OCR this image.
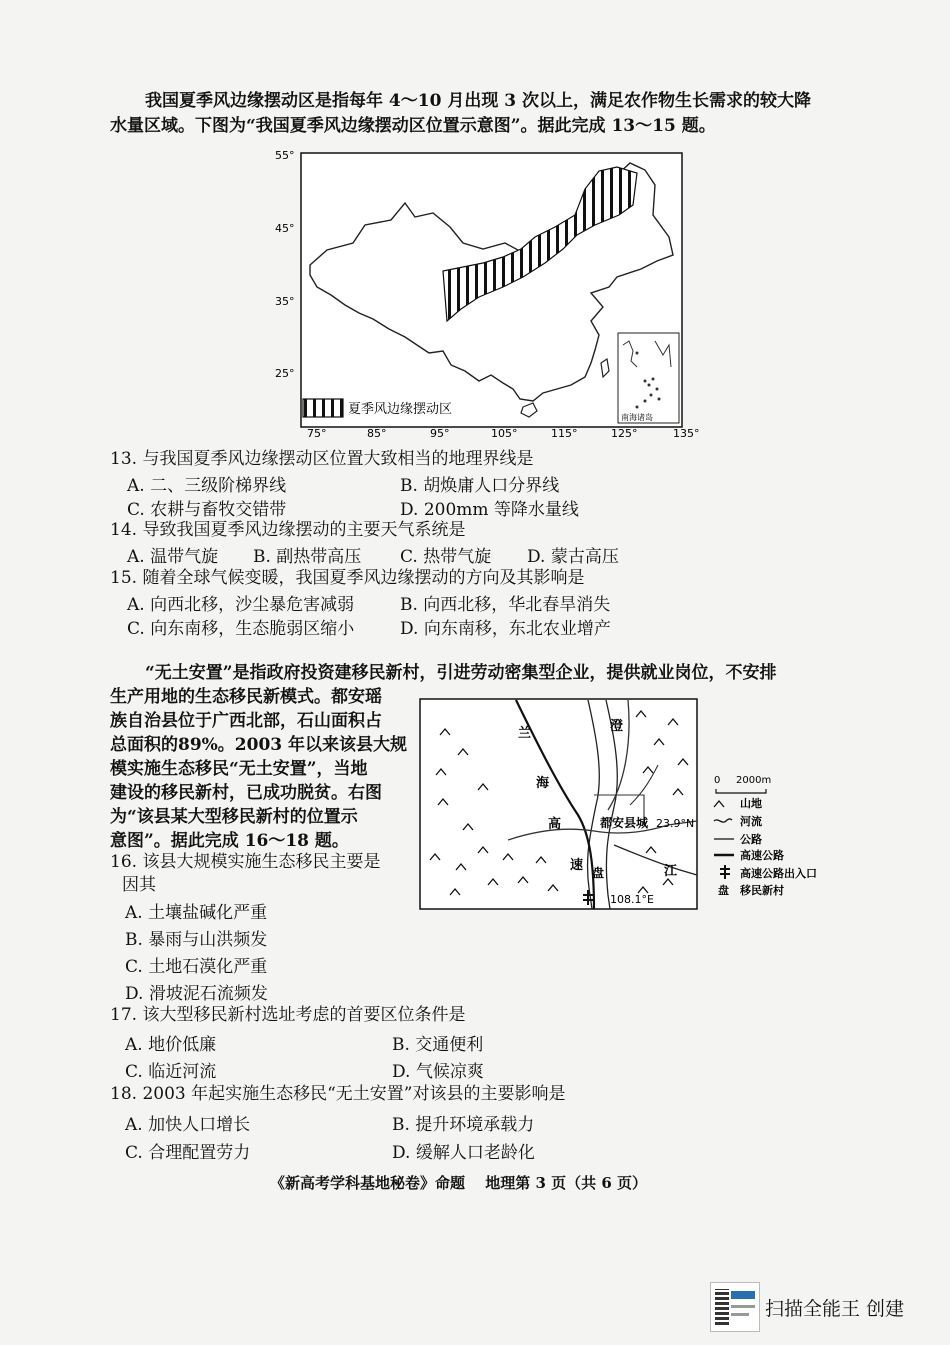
我国夏季风边缘摆动区是指每年 4～10 月出现 3 次以上，满足农作物生长需求的较大降
水量区域。下图为“我国夏季风边缘摆动区位置示意图”。据此完成 13～15 题。
南海诸岛
夏季风边缘摆动区
55°
45°
35°
25°
75°	85°	95°	105°	115°	125°	135°
13. 与我国夏季风边缘摆动区位置大致相当的地理界线是
A. 二、三级阶梯界线	B. 胡焕庸人口分界线
C. 农耕与畜牧交错带	D. 200mm 等降水量线
14. 导致我国夏季风边缘摆动的主要天气系统是
A. 温带气旋 B. 副热带高压 C. 热带气旋 D. 蒙古高压
15. 随着全球气候变暖，我国夏季风边缘摆动的方向及其影响是
A. 向西北移，沙尘暴危害减弱	B. 向西北移，华北春旱消失
C. 向东南移，生态脆弱区缩小	D. 向东南移，东北农业增产
“无土安置”是指政府投资建移民新村，引进劳动密集型企业，提供就业岗位，不安排
生产用地的生态移民新模式。都安瑶
族自治县位于广西北部，石山面积占
总面积的89%。2003 年以来该县大规
模实施生态移民“无土安置”，当地
建设的移民新村，已成功脱贫。右图
为“该县某大型移民新村的位置示
意图”。据此完成 16～18 题。
兰
海
高
速
澄
江
都安县城 23.9°N
盘
108.1°E
0 2000m
山地
河流
公路
高速公路
高速公路出入口
盘 移民新村
16. 该县大规模实施生态移民主要是
因其
A. 土壤盐碱化严重
B. 暴雨与山洪频发
C. 土地石漠化严重
D. 滑坡泥石流频发
17. 该大型移民新村选址考虑的首要区位条件是
A. 地价低廉	B. 交通便利
C. 临近河流	D. 气候凉爽
18. 2003 年起实施生态移民“无土安置”对该县的主要影响是
A. 加快人口增长	B. 提升环境承载力
C. 合理配置劳力	D. 缓解人口老龄化
《新高考学科基地秘卷》命题　 地理第 3 页（共 6 页）
扫描全能王 创建
